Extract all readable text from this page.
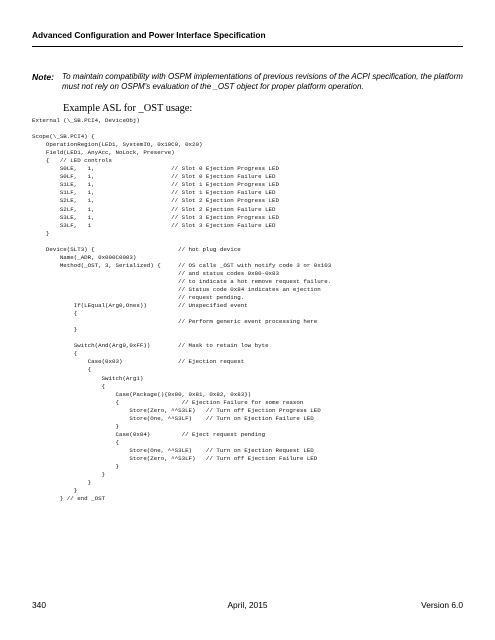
Advanced Configuration and Power Interface Specification
Note: To maintain compatibility with OSPM implementations of previous revisions of the ACPI specification, the platform must not rely on OSPM's evaluation of the _OST object for proper platform operation.
Example ASL for _OST usage:
External (\_SB.PCI4, DeviceObj)

Scope(\_SB.PCI4) {
OperationRegion(LED1, SystemIO, 0x10C0, 0x20)
Field(LED1, AnyAcc, NoLock, Preserve)
{   // LED controls
S0LE,   1,                      // Slot 0 Ejection Progress LED
S0LF,   1,                      // Slot 0 Ejection Failure LED
S1LE,   1,                      // Slot 1 Ejection Progress LED
S1LF,   1,                      // Slot 1 Ejection Failure LED
S2LE,   1,                      // Slot 2 Ejection Progress LED
S2LF,   1,                      // Slot 2 Ejection Failure LED
S3LE,   1,                      // Slot 3 Ejection Progress LED
S3LF,   1                       // Slot 3 Ejection Failure LED
}

Device(SLT3) {                        // hot plug device
Name(_ADR, 0x000C0003)
Method(_OST, 3, Serialized) {     // OS calls _OST with notify code 3 or 0x103
// and status codes 0x80-0x83
// to indicate a hot remove request failure.
// Status code 0x84 indicates an ejection
// request pending.
If(LEqual(Arg0,Ones))         // Unspecified event
{
// Perform generic event processing here
}

Switch(And(Arg0,0xFF))        // Mask to retain low byte
{
Case(0x03)                // Ejection request
{
Switch(Arg1)
{
Case(Package(){0x80, 0x81, 0x82, 0x83})
{                  // Ejection Failure for some reason
Store(Zero, ^^S3LE)   // Turn off Ejection Progress LED
Store(One, ^^S3LF)    // Turn on Ejection Failure LED
}
Case(0x84)         // Eject request pending
{
Store(One, ^^S3LE)    // Turn on Ejection Request LED
Store(Zero, ^^S3LF)   // Turn off Ejection Failure LED
}
}
}
}
} // end _OST
340	April, 2015	Version 6.0
